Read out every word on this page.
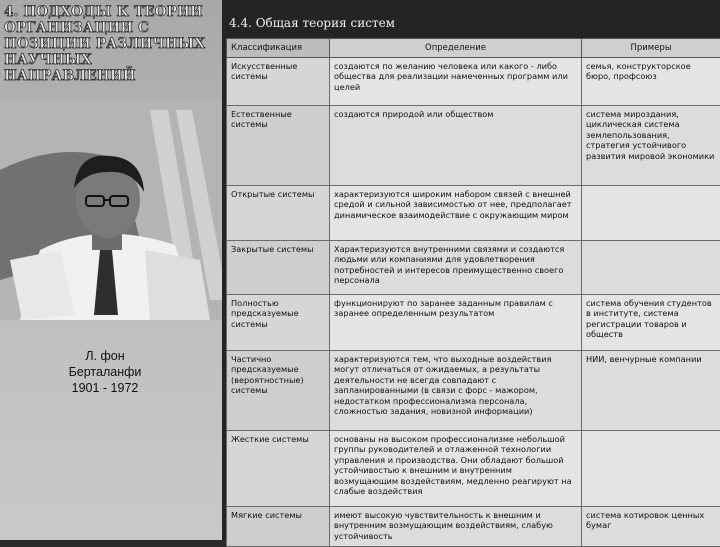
4. ПОДХОДЫ К ТЕОРИИ ОРГАНИЗАЦИИ С ПОЗИЦИИ РАЗЛИЧНЫХ НАУЧНЫХ НАПРАВЛЕНИЙ

Л. фон
Берталанфи
1901 - 1972

4.4. Общая теория систем
Классификация	Определение	Примеры
Искусственные системы	создаются по желанию человека или какого - либо общества для реализации намеченных программ или целей	семья, конструкторское бюро, профсоюз
Естественные системы	создаются природой или обществом	система мироздания, циклическая система землепользования, стратегия устойчивого развития мировой экономики
Открытые системы	характеризуются широким набором связей с внешней средой и сильной зависимостью от нее, предполагает динамическое взаимодействие с окружающим миром	
Закрытые системы	Характеризуются внутренними связями и создаются людьми или компаниями для удовлетворения потребностей и интересов преимущественно своего персонала	
Полностью предсказуемые системы	функционируют по заранее заданным правилам с заранее определенным результатом	система обучения студентов в институте, система регистрации товаров и обществ
Частично предсказуемые (вероятностные) системы	характеризуются тем, что выходные воздействия могут отличаться от ожидаемых, а результаты деятельности не всегда совпадают с запланированными (в связи с форс - мажором, недостатком профессионализма персонала, сложностью задания, новизной информации)	НИИ, венчурные компании
Жесткие системы	основаны на высоком профессионализме небольшой группы руководителей и отлаженной технологии управления и производства. Они обладают большой устойчивостью к внешним и внутренним возмущающим воздействиям, медленно реагируют на слабые воздействия	
Мягкие системы	имеют высокую чувствительность к внешним и внутренним возмущающим воздействиям, слабую устойчивость	система котировок ценных бумаг
